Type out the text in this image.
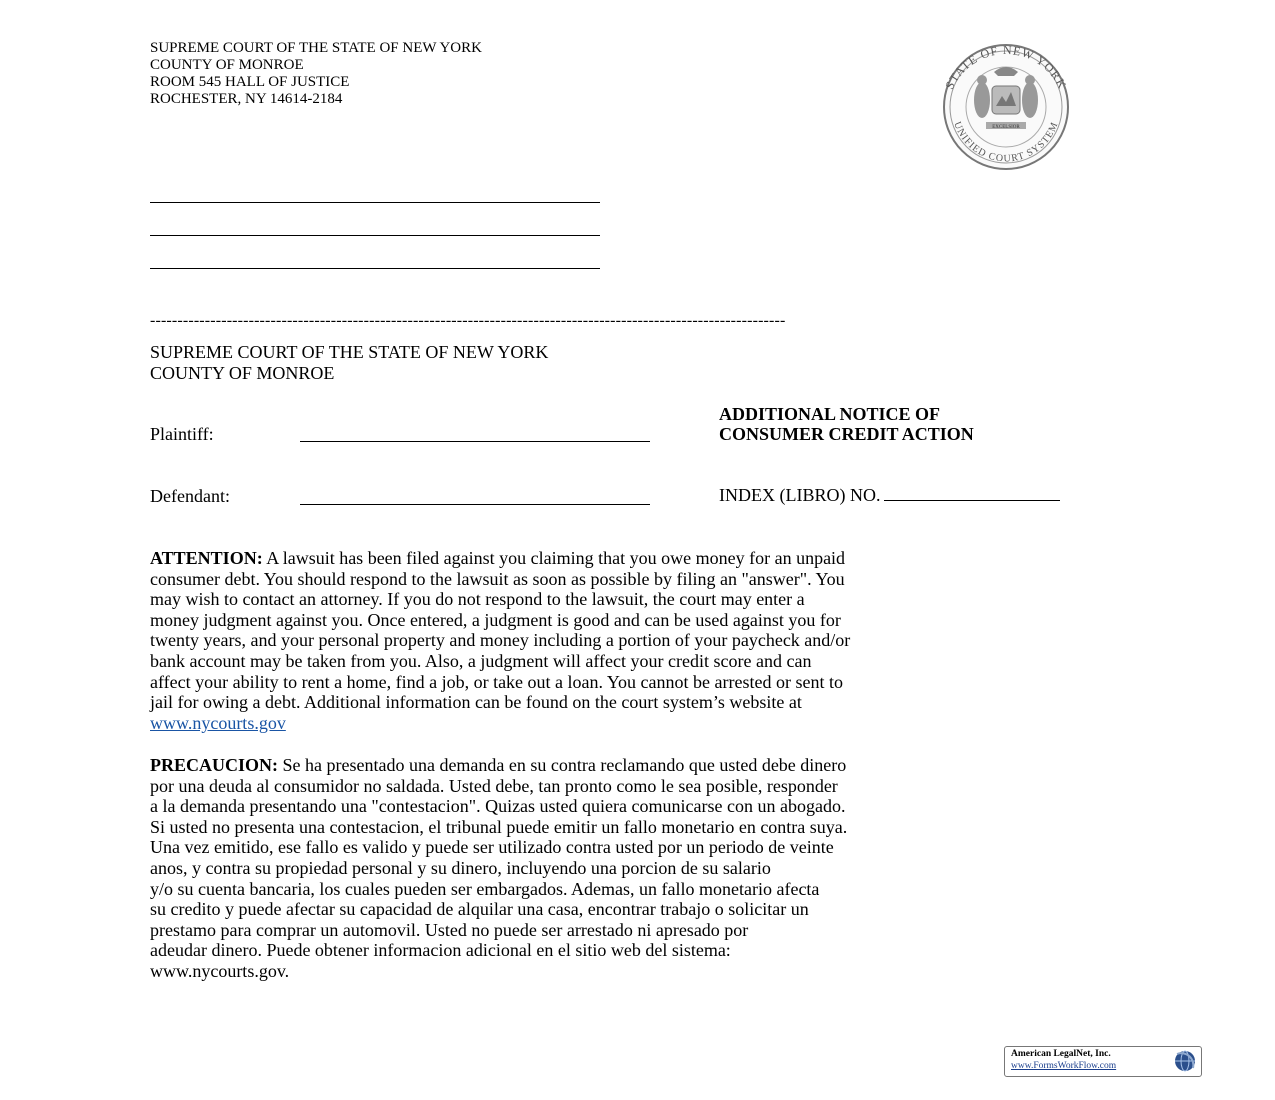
SUPREME COURT OF THE STATE OF NEW YORK
COUNTY OF MONROE
ROOM 545 HALL OF JUSTICE
ROCHESTER, NY 14614-2184
STATE OF NEW YORK
UNIFIED COURT SYSTEM
EXCELSIOR
--------------------------------------------------------------------------------------------------------------------
SUPREME COURT OF THE STATE OF NEW YORK
COUNTY OF MONROE
ADDITIONAL NOTICE OF
CONSUMER CREDIT ACTION
Plaintiff:
Defendant:	INDEX (LIBRO) NO.
ATTENTION: A lawsuit has been filed against you claiming that you owe money for an unpaid
consumer debt. You should respond to the lawsuit as soon as possible by filing an "answer". You
may wish to contact an attorney. If you do not respond to the lawsuit, the court may enter a
money judgment against you. Once entered, a judgment is good and can be used against you for
twenty years, and your personal property and money including a portion of your paycheck and/or
bank account may be taken from you. Also, a judgment will affect your credit score and can
affect your ability to rent a home, find a job, or take out a loan. You cannot be arrested or sent to
jail for owing a debt. Additional information can be found on the court system’s website at
www.nycourts.gov
PRECAUCION: Se ha presentado una demanda en su contra reclamando que usted debe dinero
por una deuda al consumidor no saldada. Usted debe, tan pronto como le sea posible, responder
a la demanda presentando una "contestacion". Quizas usted quiera comunicarse con un abogado.
Si usted no presenta una contestacion, el tribunal puede emitir un fallo monetario en contra suya.
Una vez emitido, ese fallo es valido y puede ser utilizado contra usted por un periodo de veinte
anos, y contra su propiedad personal y su dinero, incluyendo una porcion de su salario
y/o su cuenta bancaria, los cuales pueden ser embargados. Ademas, un fallo monetario afecta
su credito y puede afectar su capacidad de alquilar una casa, encontrar trabajo o solicitar un
prestamo para comprar un automovil. Usted no puede ser arrestado ni apresado por
adeudar dinero. Puede obtener informacion adicional en el sitio web del sistema:
www.nycourts.gov.
American LegalNet, Inc.
www.FormsWorkFlow.com
